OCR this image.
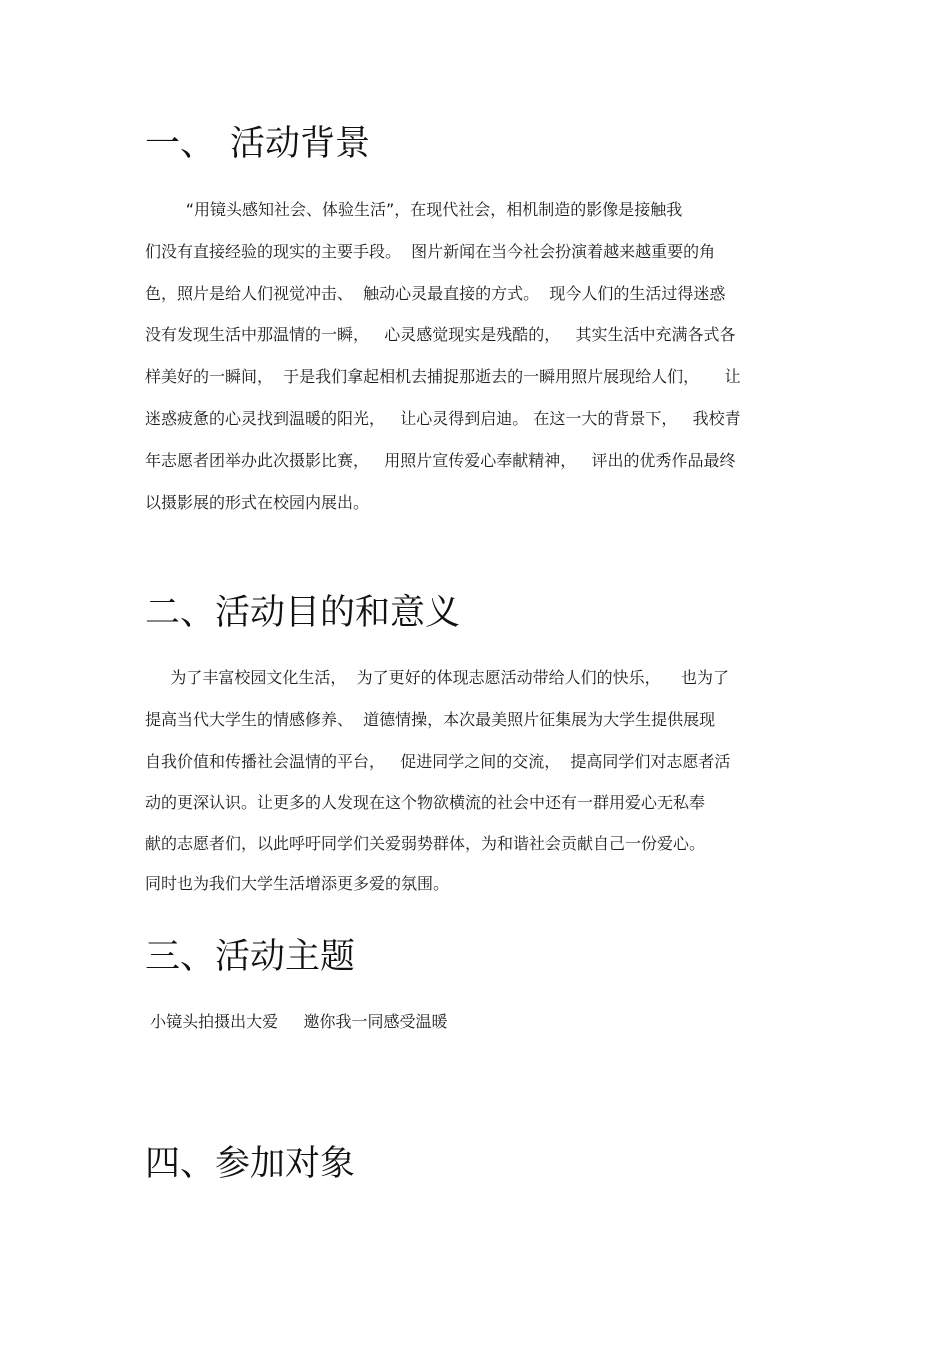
一、 活动背景
“用镜头感知社会、体验生活”，在现代社会，相机制造的影像是接触我
们没有直接经验的现实的主要手段。  图片新闻在当今社会扮演着越来越重要的角
色，照片是给人们视觉冲击、  触动心灵最直接的方式。  现今人们的生活过得迷惑
没有发现生活中那温情的一瞬，   心灵感觉现实是残酷的，   其实生活中充满各式各
样美好的一瞬间，  于是我们拿起相机去捕捉那逝去的一瞬用照片展现给人们，     让
迷惑疲惫的心灵找到温暖的阳光，   让心灵得到启迪。 在这一大的背景下，   我校青
年志愿者团举办此次摄影比赛，   用照片宣传爱心奉献精神，   评出的优秀作品最终
以摄影展的形式在校园内展出。
二、活动目的和意义
为了丰富校园文化生活，  为了更好的体现志愿活动带给人们的快乐，    也为了
提高当代大学生的情感修养、  道德情操，本次最美照片征集展为大学生提供展现
自我价值和传播社会温情的平台，   促进同学之间的交流，  提高同学们对志愿者活
动的更深认识。让更多的人发现在这个物欲横流的社会中还有一群用爱心无私奉
献的志愿者们，以此呼吁同学们关爱弱势群体，为和谐社会贡献自己一份爱心。
同时也为我们大学生活增添更多爱的氛围。
三、活动主题
小镜头拍摄出大爱     邀你我一同感受温暖
四、参加对象
